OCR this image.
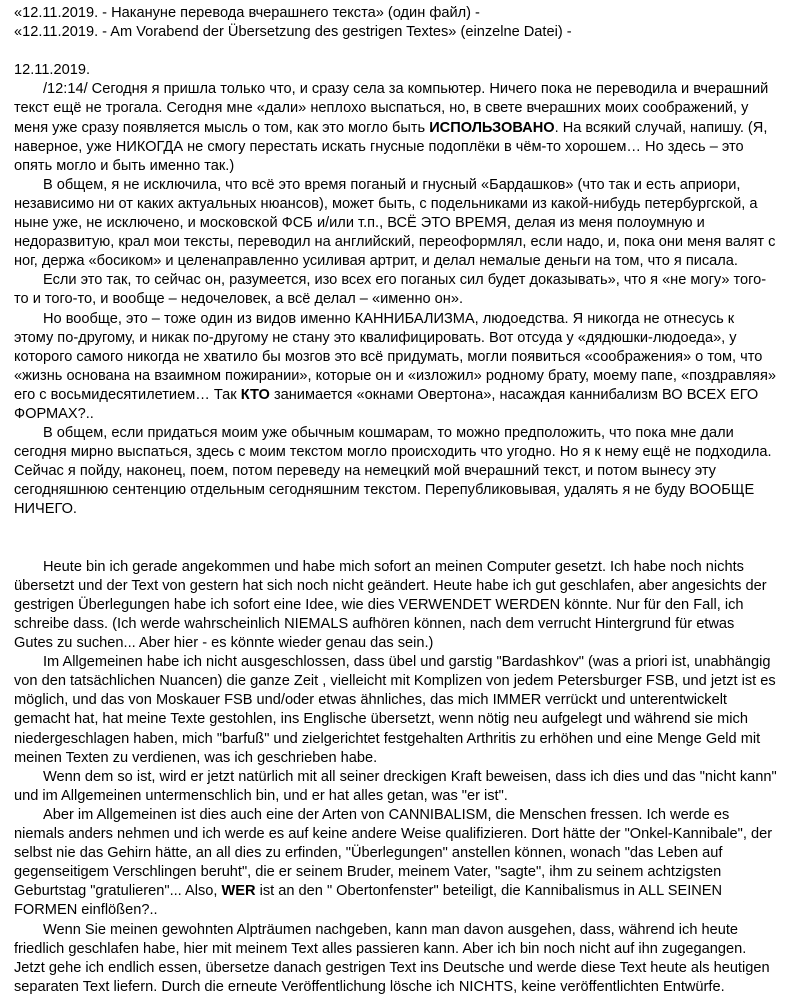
«12.11.2019. - Накануне перевода вчерашнего текста» (один файл) -

«12.11.2019. - Am Vorabend der Übersetzung des gestrigen Textes» (einzelne Datei) -

12.11.2019.

/12:14/ Сегодня я пришла только что, и сразу села за компьютер. Ничего пока не переводила и вчерашний текст ещё не трогала. Сегодня мне «дали» неплохо выспаться, но, в свете вчерашних моих соображений, у меня уже сразу появляется мысль о том, как это могло быть ИСПОЛЬЗОВАНО. На всякий случай, напишу. (Я, наверное, уже НИКОГДА не смогу перестать искать гнусные подоплёки в чём-то хорошем… Но здесь – это опять могло и быть именно так.)

В общем, я не исключила, что всё это время поганый и гнусный «Бардашков» (что так и есть априори, независимо ни от каких актуальных нюансов), может быть, с подельниками из какой-нибудь петербургской, а ныне уже, не исключено, и московской ФСБ и/или т.п., ВСЁ ЭТО ВРЕМЯ, делая из меня полоумную и недоразвитую, крал мои тексты, переводил на английский, переоформлял, если надо, и, пока они меня валят с ног, держа «босиком» и целенаправленно усиливая артрит, и делал немалые деньги на том, что я писала.

Если это так, то сейчас он, разумеется, изо всех его поганых сил будет доказывать», что я «не могу» того-то и того-то, и вообще – недочеловек, а всё делал – «именно он».

Но вообще, это – тоже один из видов именно КАННИБАЛИЗМА, людоедства. Я никогда не отнесусь к этому по-другому, и никак по-другому не стану это квалифицировать. Вот отсуда у «дядюшки-людоеда», у которого самого никогда не хватило бы мозгов это всё придумать, могли появиться «соображения» о том, что «жизнь основана на взаимном пожирании», которые он и «изложил» родному брату, моему папе, «поздравляя» его с восьмидесятилетием… Так КТО занимается «окнами Овертона», насаждая каннибализм ВО ВСЕХ ЕГО ФОРМАХ?..

В общем, если придаться моим уже обычным кошмарам, то можно предположить, что пока мне дали сегодня мирно выспаться, здесь с моим текстом могло происходить что угодно. Но я к нему ещё не подходила. Сейчас я пойду, наконец, поем, потом переведу на немецкий мой вчерашний текст, и потом вынесу эту сегодняшнюю сентенцию отдельным сегодняшним текстом. Перепубликовывая, удалять я не буду ВООБЩЕ НИЧЕГО.

Heute bin ich gerade angekommen und habe mich sofort an meinen Computer gesetzt. Ich habe noch nichts übersetzt und der Text von gestern hat sich noch nicht geändert. Heute habe ich gut geschlafen, aber angesichts der gestrigen Überlegungen habe ich sofort eine Idee, wie dies VERWENDET WERDEN könnte. Nur für den Fall, ich schreibe dass. (Ich werde wahrscheinlich NIEMALS aufhören können, nach dem verrucht Hintergrund für etwas Gutes zu suchen... Aber hier - es könnte wieder genau das sein.)

Im Allgemeinen habe ich nicht ausgeschlossen, dass übel und garstig "Bardashkov" (was a priori ist, unabhängig von den tatsächlichen Nuancen) die ganze Zeit , vielleicht mit Komplizen von jedem Petersburger FSB, und jetzt ist es möglich, und das von Moskauer FSB und/oder etwas ähnliches, das mich IMMER verrückt und unterentwickelt gemacht hat, hat meine Texte gestohlen, ins Englische übersetzt, wenn nötig neu aufgelegt und während sie mich niedergeschlagen haben, mich "barfuß" und zielgerichtet festgehalten Arthritis zu erhöhen und eine Menge Geld mit meinen Texten zu verdienen, was ich geschrieben habe.

Wenn dem so ist, wird er jetzt natürlich mit all seiner dreckigen Kraft beweisen, dass ich dies und das "nicht kann" und im Allgemeinen untermenschlich bin, und er hat alles getan, was "er ist".

Aber im Allgemeinen ist dies auch eine der Arten von CANNIBALISM, die Menschen fressen. Ich werde es niemals anders nehmen und ich werde es auf keine andere Weise qualifizieren. Dort hätte der "Onkel-Kannibale", der selbst nie das Gehirn hätte, an all dies zu erfinden, "Überlegungen" anstellen können, wonach "das Leben auf gegenseitigem Verschlingen beruht", die er seinem Bruder, meinem Vater, "sagte", ihm zu seinem achtzigsten Geburtstag "gratulieren"... Also, WER ist an den " Obertonfenster" beteiligt, die Kannibalismus in ALL SEINEN FORMEN einflößen?..

Wenn Sie meinen gewohnten Alpträumen nachgeben, kann man davon ausgehen, dass, während ich heute friedlich geschlafen habe, hier mit meinem Text alles passieren kann. Aber ich bin noch nicht auf ihn zugegangen. Jetzt gehe ich endlich essen, übersetze danach gestrigen Text ins Deutsche und werde diese Text heute als heutigen separaten Text liefern. Durch die erneute Veröffentlichung lösche ich NICHTS, keine veröffentlichten Entwürfe.
